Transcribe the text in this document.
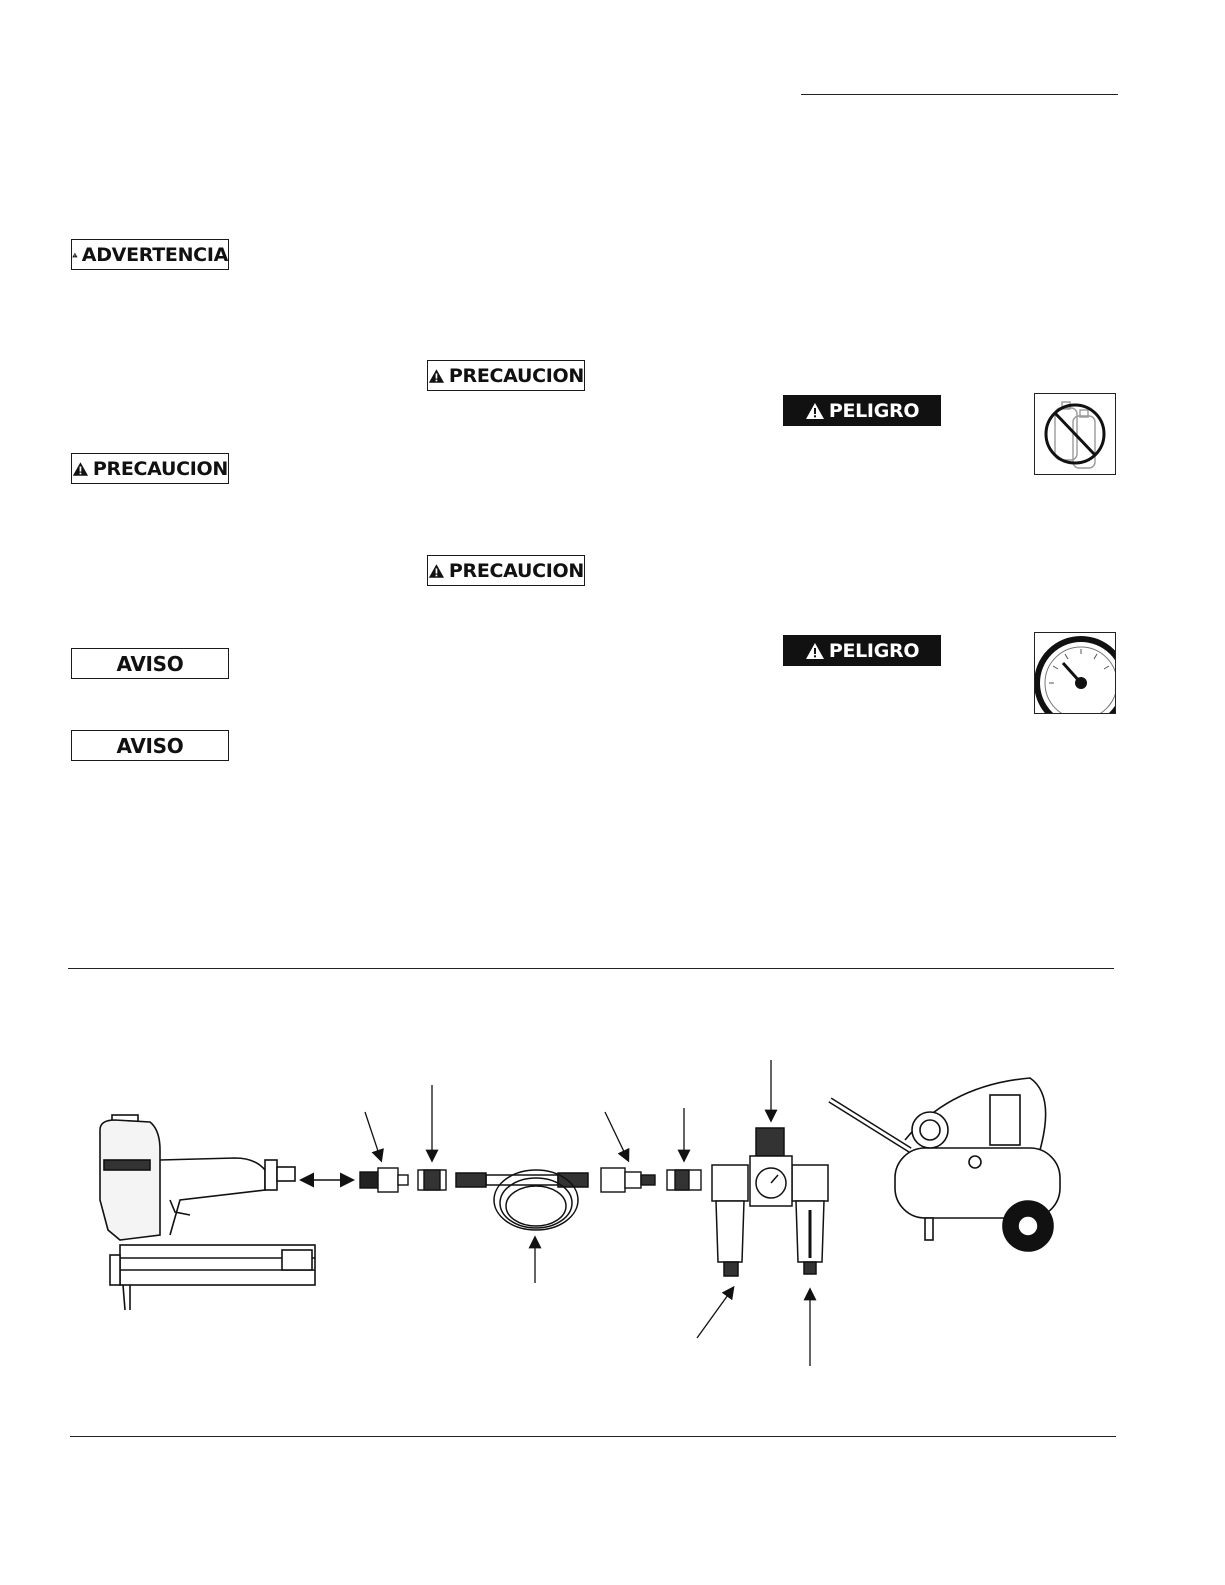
ADVERTENCIA
PRECAUCION
AVISO
AVISO
PRECAUCION
PRECAUCION
PELIGRO
PELIGRO
